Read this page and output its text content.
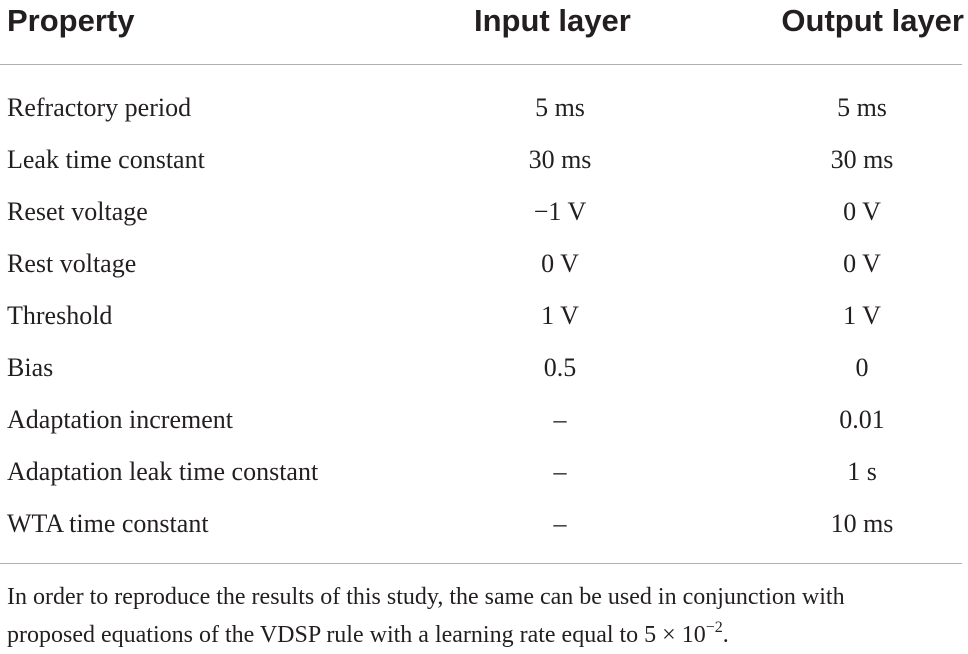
Property	Input layer	Output layer
Refractory period	5 ms	5 ms
Leak time constant	30 ms	30 ms
Reset voltage	−1 V	0 V
Rest voltage	0 V	0 V
Threshold	1 V	1 V
Bias	0.5	0
Adaptation increment	–	0.01
Adaptation leak time constant	–	1 s
WTA time constant	–	10 ms
In order to reproduce the results of this study, the same can be used in conjunction with
proposed equations of the VDSP rule with a learning rate equal to $5 \times 10^{-2}$.
